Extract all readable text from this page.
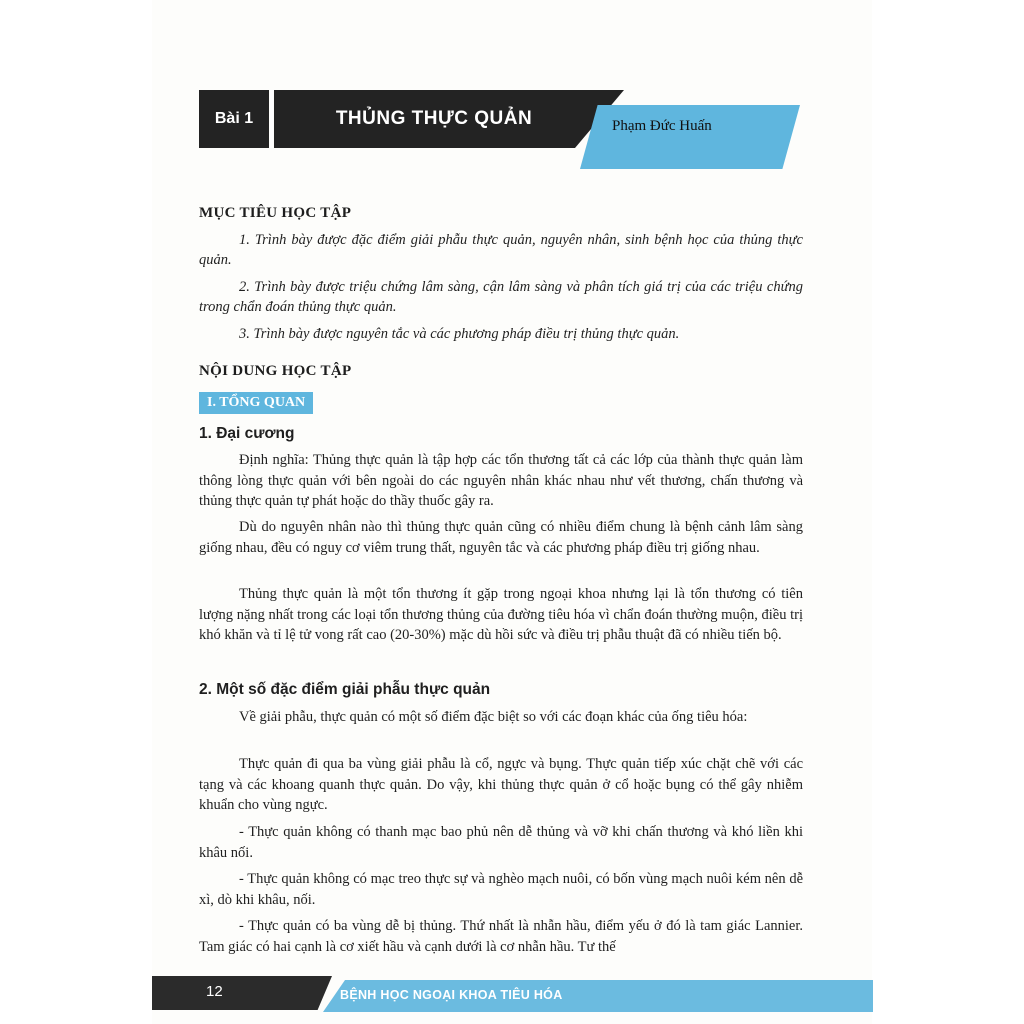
Bài 1	THỦNG THỰC QUẢN	Phạm Đức Huấn
MỤC TIÊU HỌC TẬP
1. Trình bày được đặc điểm giải phẫu thực quản, nguyên nhân, sinh bệnh học của thủng thực quản.
2. Trình bày được triệu chứng lâm sàng, cận lâm sàng và phân tích giá trị của các triệu chứng trong chẩn đoán thủng thực quản.
3. Trình bày được nguyên tắc và các phương pháp điều trị thủng thực quản.
NỘI DUNG HỌC TẬP
I. TỔNG QUAN
1. Đại cương
Định nghĩa: Thủng thực quản là tập hợp các tổn thương tất cả các lớp của thành thực quản làm thông lòng thực quản với bên ngoài do các nguyên nhân khác nhau như vết thương, chấn thương và thủng thực quản tự phát hoặc do thầy thuốc gây ra.
Dù do nguyên nhân nào thì thủng thực quản cũng có nhiều điểm chung là bệnh cảnh lâm sàng giống nhau, đều có nguy cơ viêm trung thất, nguyên tắc và các phương pháp điều trị giống nhau.
Thủng thực quản là một tổn thương ít gặp trong ngoại khoa nhưng lại là tổn thương có tiên lượng nặng nhất trong các loại tổn thương thủng của đường tiêu hóa vì chẩn đoán thường muộn, điều trị khó khăn và tỉ lệ tử vong rất cao (20-30%) mặc dù hồi sức và điều trị phẫu thuật đã có nhiều tiến bộ.
2. Một số đặc điểm giải phẫu thực quản
Về giải phẫu, thực quản có một số điểm đặc biệt so với các đoạn khác của ống tiêu hóa:
Thực quản đi qua ba vùng giải phẫu là cổ, ngực và bụng. Thực quản tiếp xúc chặt chẽ với các tạng và các khoang quanh thực quản. Do vậy, khi thủng thực quản ở cổ hoặc bụng có thể gây nhiễm khuẩn cho vùng ngực.
- Thực quản không có thanh mạc bao phủ nên dễ thủng và vỡ khi chấn thương và khó liền khi khâu nối.
- Thực quản không có mạc treo thực sự và nghèo mạch nuôi, có bốn vùng mạch nuôi kém nên dễ xì, dò khi khâu, nối.
- Thực quản có ba vùng dễ bị thủng. Thứ nhất là nhẫn hầu, điểm yếu ở đó là tam giác Lannier. Tam giác có hai cạnh là cơ xiết hầu và cạnh dưới là cơ nhẫn hầu. Tư thế
12	BỆNH HỌC NGOẠI KHOA TIÊU HÓA
